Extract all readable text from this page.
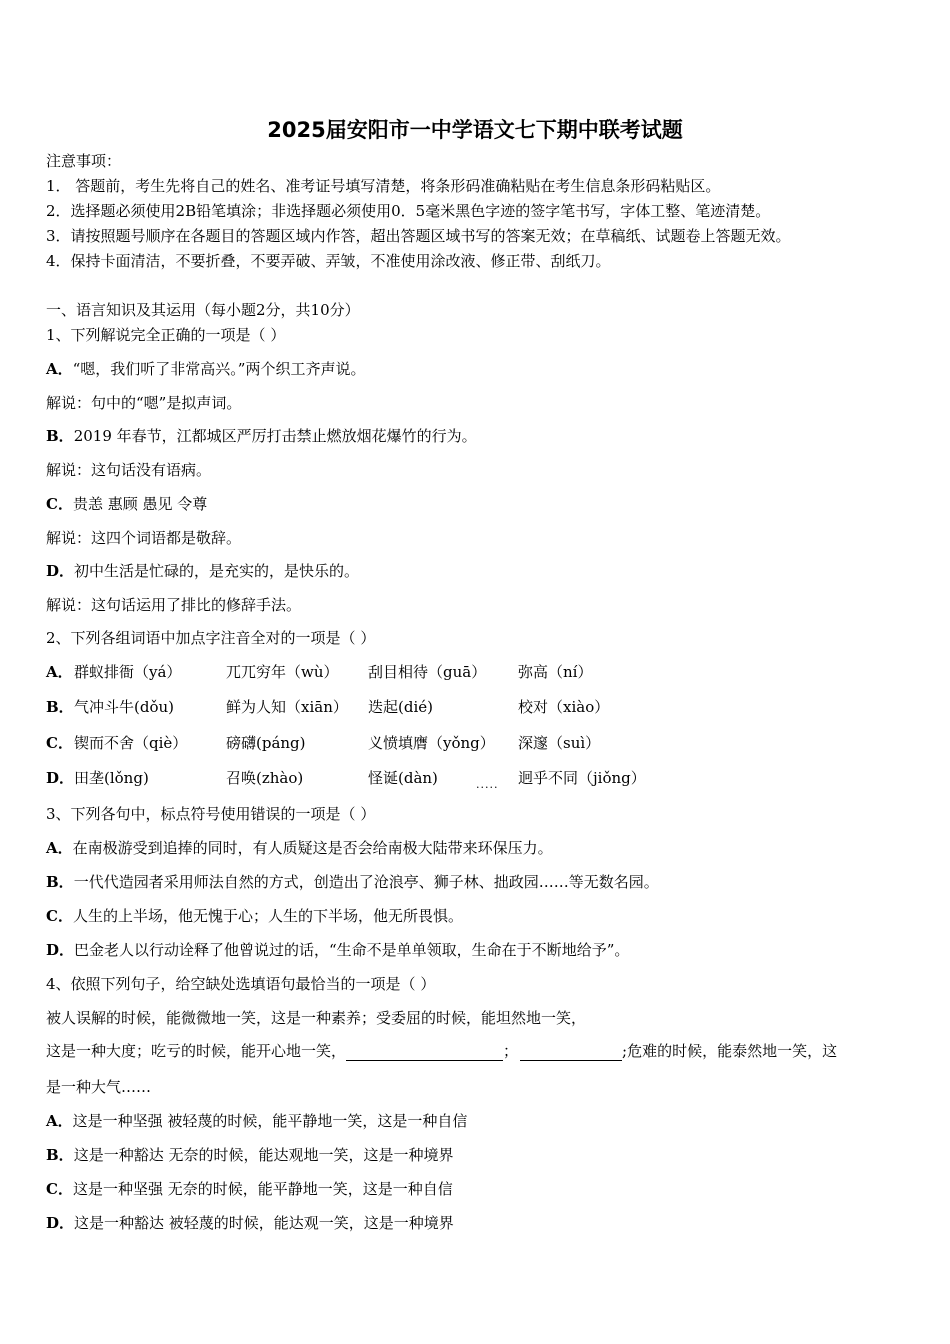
2025届安阳市一中学语文七下期中联考试题
注意事项：
1． 答题前，考生先将自己的姓名、准考证号填写清楚，将条形码准确粘贴在考生信息条形码粘贴区。
2．选择题必须使用2B铅笔填涂；非选择题必须使用0．5毫米黑色字迹的签字笔书写，字体工整、笔迹清楚。
3．请按照题号顺序在各题目的答题区域内作答，超出答题区域书写的答案无效；在草稿纸、试题卷上答题无效。
4．保持卡面清洁，不要折叠，不要弄破、弄皱，不准使用涂改液、修正带、刮纸刀。
一、语言知识及其运用（每小题2分，共10分）
1、下列解说完全正确的一项是（ ）
A．“嗯，我们听了非常高兴。”两个织工齐声说。
解说：句中的“嗯”是拟声词。
B．2019 年春节，江都城区严厉打击禁止燃放烟花爆竹的行为。
解说：这句话没有语病。
C．贵恙 惠顾 愚见 令尊
解说：这四个词语都是敬辞。
D．初中生活是忙碌的，是充实的，是快乐的。
解说：这句话运用了排比的修辞手法。
2、下列各组词语中加点字注音全对的一项是（ ）
A． 群蚁排衙（yá）	兀兀穷年（wù） 刮目相待（guā） 弥高（ní）
B． 气冲斗牛(dǒu)	鲜为人知（xiān） 迭起(dié)	校对（xiào）
C． 锲而不舍（qiè）	磅礴(páng)	义愤填膺（yǒng） 深邃（suì）
D． 田垄(lǒng)	召唤(zhào)	怪诞(dàn)	..... 迥乎不同（jiǒng）
3、下列各句中，标点符号使用错误的一项是（ ）
A．在南极游受到追捧的同时，有人质疑这是否会给南极大陆带来环保压力。
B．一代代造园者采用师法自然的方式，创造出了沧浪亭、狮子林、拙政园……等无数名园。
C．人生的上半场，他无愧于心；人生的下半场，他无所畏惧。
D．巴金老人以行动诠释了他曾说过的话，“生命不是单单领取，生命在于不断地给予”。
4、依照下列句子，给空缺处选填语句最恰当的一项是（ ）
被人误解的时候，能微微地一笑，这是一种素养；受委屈的时候，能坦然地一笑，
这是一种大度；吃亏的时候，能开心地一笑，	；	;危难的时候，能泰然地一笑，这
是一种大气……
A．这是一种坚强 被轻蔑的时候，能平静地一笑，这是一种自信
B．这是一种豁达 无奈的时候，能达观地一笑，这是一种境界
C．这是一种坚强 无奈的时候，能平静地一笑，这是一种自信
D．这是一种豁达 被轻蔑的时候，能达观一笑，这是一种境界
